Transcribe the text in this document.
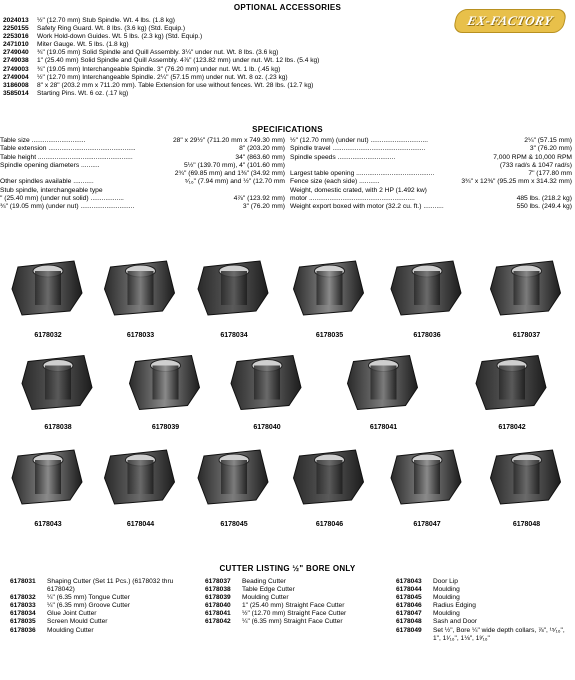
OPTIONAL ACCESSORIES
EX-FACTORY
2024013 ½" (12.70 mm) Stub Spindle. Wt. 4 lbs. (1.8 kg)
2250155 Safety Ring Guard. Wt. 8 lbs. (3.6 kg) (Std. Equip.)
2253016 Work Hold-down Guides. Wt. 5 lbs. (2.3 kg) (Std. Equip.)
2471010 Miter Gauge. Wt. 5 lbs. (1.8 kg)
2749040 ¾" (19.05 mm) Solid Spindle and Quill Assembly. 3¼" under nut. Wt. 8 lbs. (3.6 kg)
2749038 1" (25.40 mm) Solid Spindle and Quill Assembly. 4⅞" (123.82 mm) under nut. Wt. 12 lbs. (5.4 kg)
2749003 ¾" (19.05 mm) Interchangeable Spindle. 3" (76.20 mm) under nut. Wt. 1 lb. (.45 kg)
2749004 ½" (12.70 mm) Interchangeable Spindle. 2¼" (57.15 mm) under nut. Wt. 8 oz. (.23 kg)
3186008 8" x 28" (203.2 mm x 711.20 mm). Table Extension for use without fences. Wt. 28 lbs. (12.7 kg)
3585014 Starting Pins. Wt. 6 oz. (.17 kg)
SPECIFICATIONS
Table size .............................	28" x 29½" (711.20 mm x 749.30 mm)
Table extension ...............................................	8" (203.20 mm)
Table height ...................................................	34" (863.60 mm)
Spindle opening diameters ..........	5½" (139.70 mm), 4" (101.60 mm)
2¾" (69.85 mm) and 1⅜" (34.92 mm)
Other spindles available ...........	⁵⁄₁₆" (7.94 mm) and ½" (12.70 mm
Stub spindle, interchangeable type
" (25.40 mm) (under nut solid) ..................	4⅞" (123.92 mm)
¾" (19.05 mm) (under nut) .............................	3" (76.20 mm)
½" (12.70 mm) (under nut) ...............................	2¼" (57.15 mm)
Spindle travel ..................................................	3" (76.20 mm)
Spindle speeds ...............................	7,000 RPM & 10,000 RPM
(733 rad/s & 1047 rad/s)
Largest table opening ..........................................	7" (177.80 mm
Fence size (each side) ...........	3¾" x 12⅜" (95.25 mm x 314.32 mm)
Weight, domestic crated, with 2 HP (1.492 kw)
motor .........................................................	485 lbs. (218.2 kg)
Weight export boxed with motor (32.2 cu. ft.) ...........	550 lbs. (249.4 kg)
6178032	6178033	6178034	6178035	6178036	6178037
6178038	6178039	6178040	6178041	6178042
6178043	6178044	6178045	6178046	6178047	6178048
CUTTER LISTING ½" BORE ONLY
6178031 Shaping Cutter (Set 11 Pcs.) (6178032 thru 6178042)
6178032 ¼" (6.35 mm) Tongue Cutter
6178033 ¼" (6.35 mm) Groove Cutter
6178034 Glue Joint Cutter
6178035 Screen Mould Cutter
6178036 Moulding Cutter
6178037 Beading Cutter
6178038 Table Edge Cutter
6178039 Moulding Cutter
6178040 1" (25.40 mm) Straight Face Cutter
6178041 ½" (12.70 mm) Straight Face Cutter
6178042 ¼" (6.35 mm) Straight Face Cutter
6178043 Door Lip
6178044 Moulding
6178045 Moulding
6178046 Radius Edging
6178047 Moulding
6178048 Sash and Door
6178049 Set ½", Bore ¼" wide depth collars, ⅞", ¹⁵⁄₁₆", 1", 1¹⁄₁₆", 1⅛", 1³⁄₁₆"
